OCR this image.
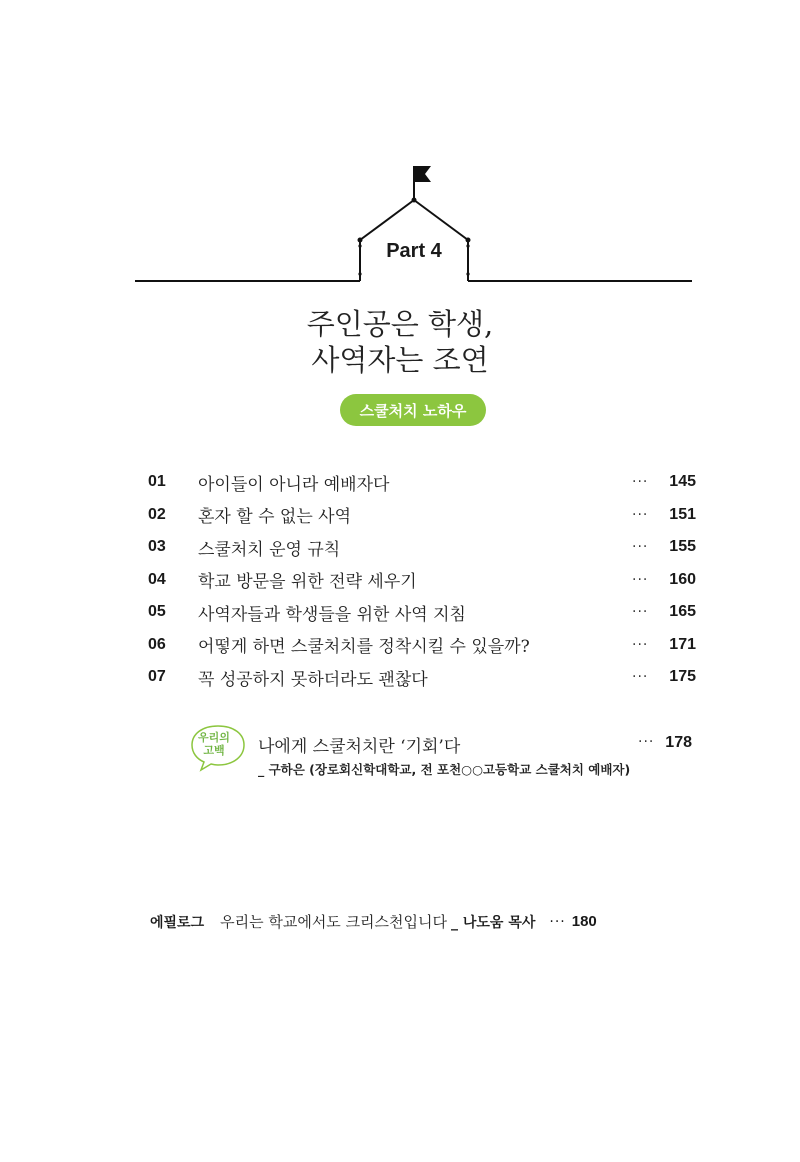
Part 4
주인공은 학생,
사역자는 조연
스쿨처치 노하우
01	아이들이 아니라 예배자다	···	145
02	혼자 할 수 없는 사역	···	151
03	스쿨처치 운영 규칙	···	155
04	학교 방문을 위한 전략 세우기	···	160
05	사역자들과 학생들을 위한 사역 지침	···	165
06	어떻게 하면 스쿨처치를 정착시킬 수 있을까?	···	171
07	꼭 성공하지 못하더라도 괜찮다	···	175
우리의
고백	나에게 스쿨처치란 ‘기회’다	··· 178
_ 구하은 (장로회신학대학교, 전 포천○○고등학교 스쿨처치 예배자)
에필로그 우리는 학교에서도 크리스천입니다 _ 나도움 목사 ··· 180
